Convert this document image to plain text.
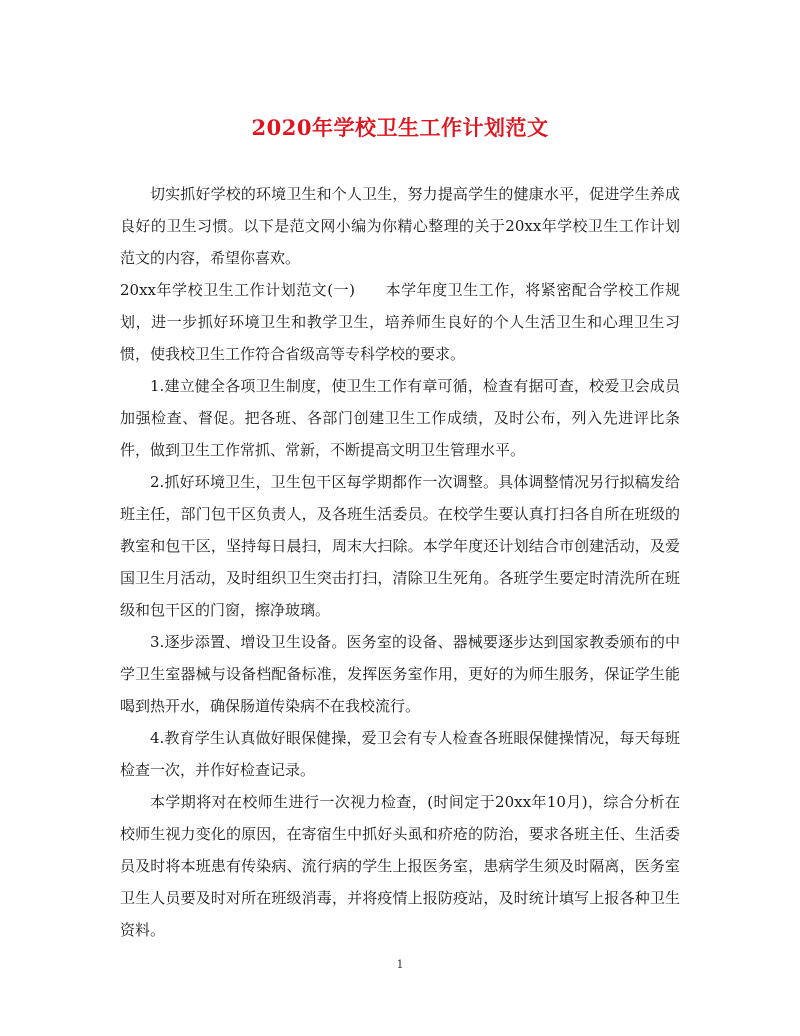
2020年学校卫生工作计划范文

切实抓好学校的环境卫生和个人卫生，努力提高学生的健康水平，促进学生养成良好的卫生习惯。以下是范文网小编为你精心整理的关于20xx年学校卫生工作计划范文的内容，希望你喜欢。

20xx年学校卫生工作计划范文(一) 本学年度卫生工作，将紧密配合学校工作规划，进一步抓好环境卫生和教学卫生，培养师生良好的个人生活卫生和心理卫生习惯，使我校卫生工作符合省级高等专科学校的要求。

1.建立健全各项卫生制度，使卫生工作有章可循，检查有据可查，校爱卫会成员加强检查、督促。把各班、各部门创建卫生工作成绩，及时公布，列入先进评比条件，做到卫生工作常抓、常新，不断提高文明卫生管理水平。

2.抓好环境卫生，卫生包干区每学期都作一次调整。具体调整情况另行拟稿发给班主任，部门包干区负责人，及各班生活委员。在校学生要认真打扫各自所在班级的教室和包干区，坚持每日晨扫，周末大扫除。本学年度还计划结合市创建活动，及爱国卫生月活动，及时组织卫生突击打扫，清除卫生死角。各班学生要定时清洗所在班级和包干区的门窗，擦净玻璃。

3.逐步添置、增设卫生设备。医务室的设备、器械要逐步达到国家教委颁布的中学卫生室器械与设备档配备标准，发挥医务室作用，更好的为师生服务，保证学生能喝到热开水，确保肠道传染病不在我校流行。

4.教育学生认真做好眼保健操，爱卫会有专人检查各班眼保健操情况，每天每班检查一次，并作好检查记录。

本学期将对在校师生进行一次视力检查，(时间定于20xx年10月)，综合分析在校师生视力变化的原因，在寄宿生中抓好头虱和疥疮的防治，要求各班主任、生活委员及时将本班患有传染病、流行病的学生上报医务室，患病学生须及时隔离，医务室卫生人员要及时对所在班级消毒，并将疫情上报防疫站，及时统计填写上报各种卫生资料。

1
